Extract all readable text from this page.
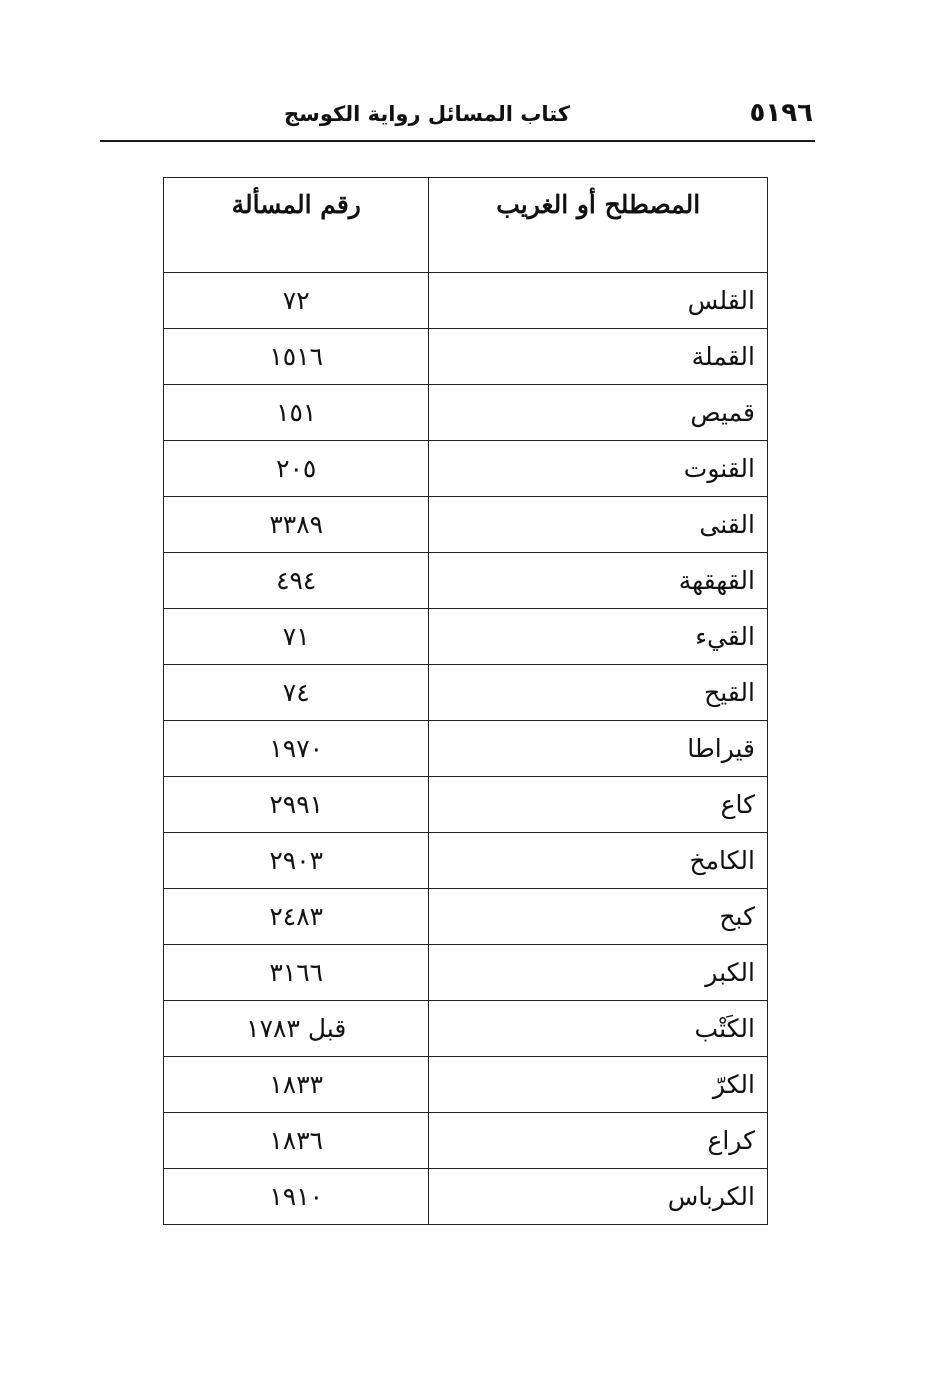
٥١٩٦
كتاب المسائل رواية الكوسج
المصطلح أو الغريب	رقم المسألة
القلس	٧٢
القملة	١٥١٦
قميص	١٥١
القنوت	٢٠٥
القنى	٣٣٨٩
القهقهة	٤٩٤
القيء	٧١
القيح	٧٤
قيراطا	١٩٧٠
كاع	٢٩٩١
الكامخ	٢٩٠٣
كبح	٢٤٨٣
الكبر	٣١٦٦
الكَتْب	قبل ١٧٨٣
الكرّ	١٨٣٣
كراع	١٨٣٦
الكرباس	١٩١٠
